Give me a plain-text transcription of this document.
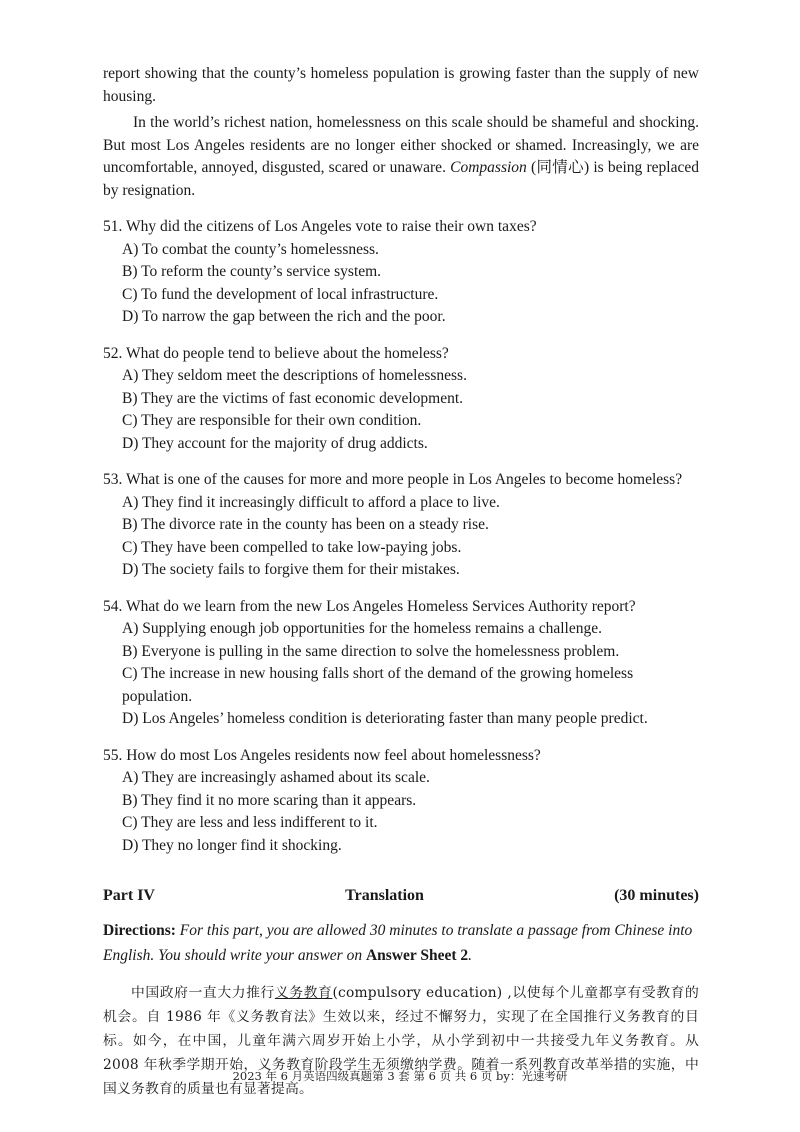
report showing that the county’s homeless population is growing faster than the supply of new housing.

In the world’s richest nation, homelessness on this scale should be shameful and shocking. But most Los Angeles residents are no longer either shocked or shamed. Increasingly, we are uncomfortable, annoyed, disgusted, scared or unaware. Compassion (同情心) is being replaced by resignation.

51. Why did the citizens of Los Angeles vote to raise their own taxes?
A) To combat the county’s homelessness.
B) To reform the county’s service system.
C) To fund the development of local infrastructure.
D) To narrow the gap between the rich and the poor.
52. What do people tend to believe about the homeless?
A) They seldom meet the descriptions of homelessness.
B) They are the victims of fast economic development.
C) They are responsible for their own condition.
D) They account for the majority of drug addicts.
53. What is one of the causes for more and more people in Los Angeles to become homeless?
A) They find it increasingly difficult to afford a place to live.
B) The divorce rate in the county has been on a steady rise.
C) They have been compelled to take low-paying jobs.
D) The society fails to forgive them for their mistakes.
54. What do we learn from the new Los Angeles Homeless Services Authority report?
A) Supplying enough job opportunities for the homeless remains a challenge.
B) Everyone is pulling in the same direction to solve the homelessness problem.
C) The increase in new housing falls short of the demand of the growing homeless population.
D) Los Angeles’ homeless condition is deteriorating faster than many people predict.
55. How do most Los Angeles residents now feel about homelessness?
A) They are increasingly ashamed about its scale.
B) They find it no more scaring than it appears.
C) They are less and less indifferent to it.
D) They no longer find it shocking.
Part IV	Translation	(30 minutes)

Directions: For this part, you are allowed 30 minutes to translate a passage from Chinese into English. You should write your answer on Answer Sheet 2.

中国政府一直大力推行义务教育(compulsory education) ,以使每个儿童都享有受教育的机会。自 1986 年《义务教育法》生效以来，经过不懈努力，实现了在全国推行义务教育的目标。如今，在中国，儿童年满六周岁开始上小学，从小学到初中一共接受九年义务教育。从 2008 年秋季学期开始，义务教育阶段学生无须缴纳学费。随着一系列教育改革举措的实施，中国义务教育的质量也有显著提高。

2023 年 6 月英语四级真题第 3 套 第 6 页 共 6 页 by：光速考研
